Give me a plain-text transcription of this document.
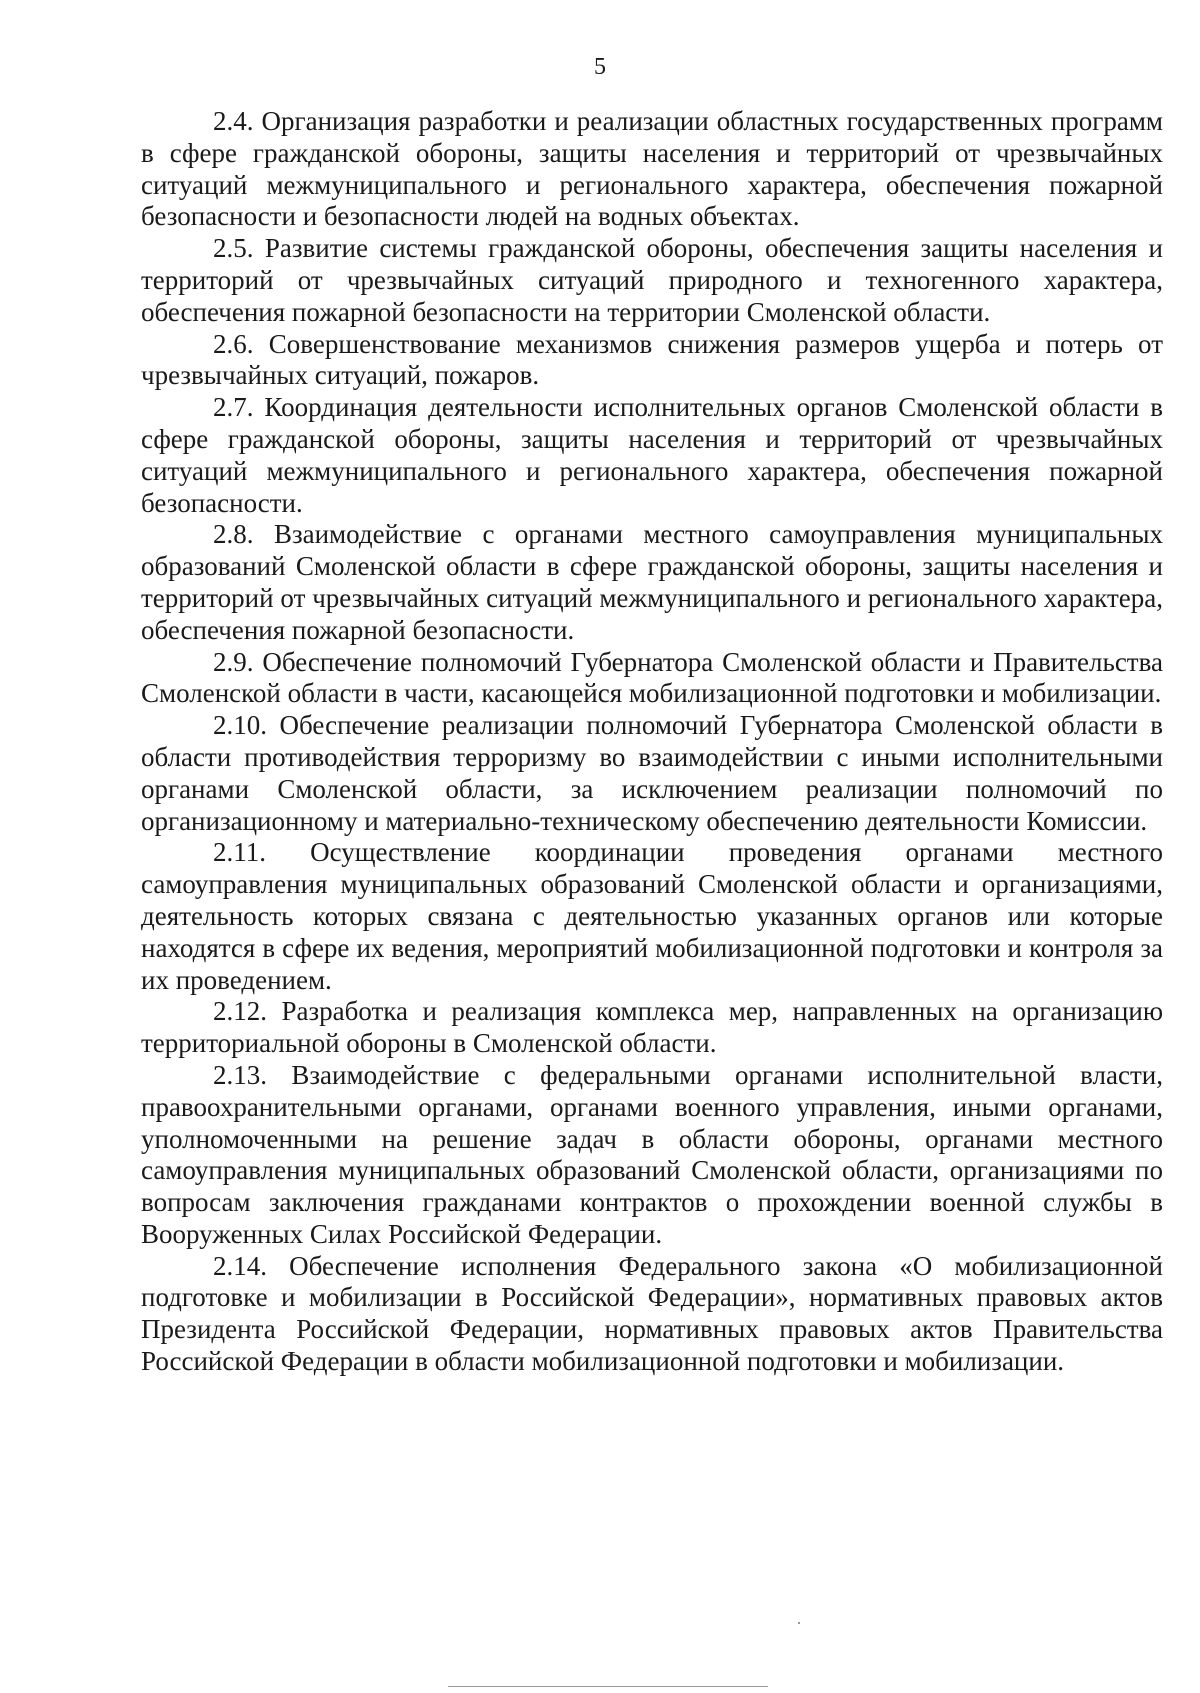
5

2.4. Организация разработки и реализации областных государственных программ в сфере гражданской обороны, защиты населения и территорий от чрезвычайных ситуаций межмуниципального и регионального характера, обеспечения пожарной безопасности и безопасности людей на водных объектах.

2.5. Развитие системы гражданской обороны, обеспечения защиты населения и территорий от чрезвычайных ситуаций природного и техногенного характера, обеспечения пожарной безопасности на территории Смоленской области.

2.6. Совершенствование механизмов снижения размеров ущерба и потерь от чрезвычайных ситуаций, пожаров.

2.7. Координация деятельности исполнительных органов Смоленской области в сфере гражданской обороны, защиты населения и территорий от чрезвычайных ситуаций межмуниципального и регионального характера, обеспечения пожарной безопасности.

2.8. Взаимодействие с органами местного самоуправления муниципальных образований Смоленской области в сфере гражданской обороны, защиты населения и территорий от чрезвычайных ситуаций межмуниципального и регионального характера, обеспечения пожарной безопасности.

2.9. Обеспечение полномочий Губернатора Смоленской области и Правительства Смоленской области в части, касающейся мобилизационной подготовки и мобилизации.

2.10. Обеспечение реализации полномочий Губернатора Смоленской области в области противодействия терроризму во взаимодействии с иными исполнительными органами Смоленской области, за исключением реализации полномочий по организационному и материально-техническому обеспечению деятельности Комиссии.

2.11. Осуществление координации проведения органами местного самоуправления муниципальных образований Смоленской области и организациями, деятельность которых связана с деятельностью указанных органов или которые находятся в сфере их ведения, мероприятий мобилизационной подготовки и контроля за их проведением.

2.12. Разработка и реализация комплекса мер, направленных на организацию территориальной обороны в Смоленской области.

2.13. Взаимодействие с федеральными органами исполнительной власти, правоохранительными органами, органами военного управления, иными органами, уполномоченными на решение задач в области обороны, органами местного самоуправления муниципальных образований Смоленской области, организациями по вопросам заключения гражданами контрактов о прохождении военной службы в Вооруженных Силах Российской Федерации.

2.14. Обеспечение исполнения Федерального закона «О мобилизационной подготовке и мобилизации в Российской Федерации», нормативных правовых актов Президента Российской Федерации, нормативных правовых актов Правительства Российской Федерации в области мобилизационной подготовки и мобилизации.
